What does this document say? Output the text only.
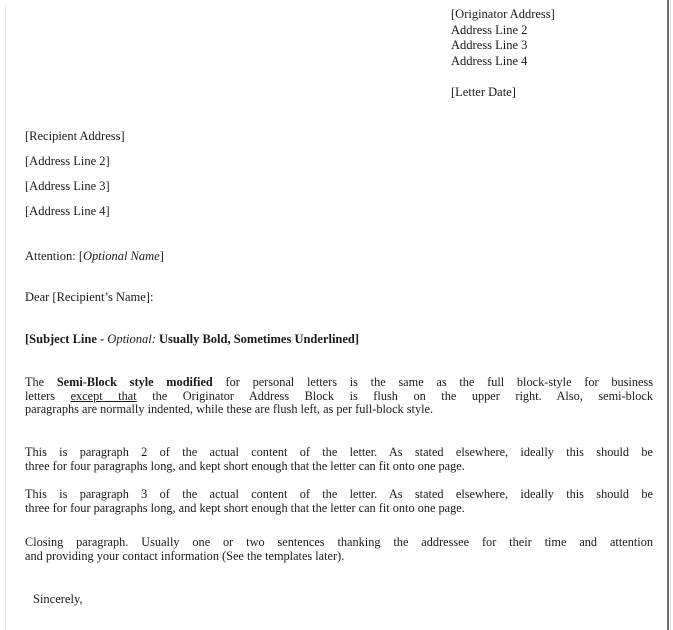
[Originator Address]
Address Line 2
Address Line 3
Address Line 4
[Letter Date]
[Recipient Address]
[Address Line 2]
[Address Line 3]
[Address Line 4]
Attention: [Optional Name]
Dear [Recipient’s Name]:
[Subject Line - Optional: Usually Bold, Sometimes Underlined]
The Semi-Block style modified for personal letters is the same as the full block-style for business
letters except that the Originator Address Block is flush on the upper right. Also, semi-block
paragraphs are normally indented, while these are flush left, as per full-block style.
This is paragraph 2 of the actual content of the letter. As stated elsewhere, ideally this should be
three for four paragraphs long, and kept short enough that the letter can fit onto one page.
This is paragraph 3 of the actual content of the letter. As stated elsewhere, ideally this should be
three for four paragraphs long, and kept short enough that the letter can fit onto one page.
Closing paragraph. Usually one or two sentences thanking the addressee for their time and attention
and providing your contact information (See the templates later).
Sincerely,
